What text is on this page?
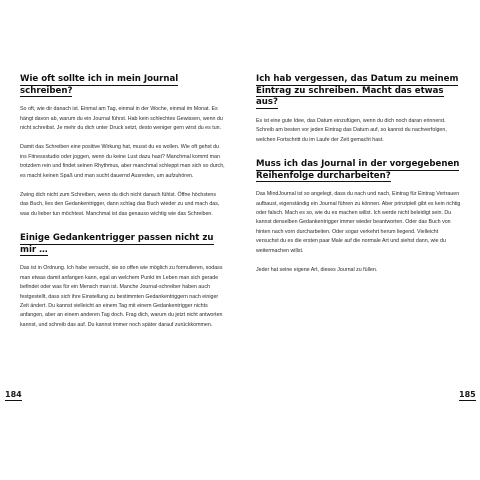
Wie oft sollte ich in mein Journal schreiben?

So oft, wie dir danach ist. Einmal am Tag, einmal in der Woche, einmal im Monat. Es hängt davon ab, warum du ein Journal führst. Hab kein schlechtes Gewissen, wenn du nicht schreibst. Je mehr du dich unter Druck setzt, desto weniger gern wirst du es tun.

Damit das Schreiben eine positive Wirkung hat, musst du es wollen. Wie oft gehst du ins Fitnessstudio oder joggen, wenn du keine Lust dazu hast? Manchmal kommt man trotzdem rein und findet seinen Rhythmus, aber manchmal schleppt man sich so durch, es macht keinen Spaß und man sucht dauernd Ausreden, um aufzuhören.

Zwing dich nicht zum Schreiben, wenn du dich nicht danach fühlst. Öffne höchstens das Buch, lies den Gedankentrigger, dann schlag das Buch wieder zu und mach das, was du lieber tun möchtest. Manchmal ist das genauso wichtig wie das Schreiben.

Einige Gedankentrigger passen nicht zu mir …

Das ist in Ordnung. Ich habe versucht, sie so offen wie möglich zu formulieren, sodass man etwas damit anfangen kann, egal an welchem Punkt im Leben man sich gerade befindet oder was für ein Mensch man ist. Manche Journal-schreiber haben auch festgestellt, dass sich ihre Einstellung zu bestimmten Gedankentriggern nach einiger Zeit ändert. Du kannst vielleicht an einem Tag mit einem Gedankentrigger nichts anfangen, aber an einem anderen Tag doch. Frag dich, warum du jetzt nicht antworten kannst, und schreib das auf. Du kannst immer noch später darauf zurückkommen.

Ich hab vergessen, das Datum zu meinem Eintrag zu schreiben. Macht das etwas aus?

Es ist eine gute Idee, das Datum einzufügen, wenn du dich noch daran erinnerst. Schreib am besten vor jeden Eintrag das Datum auf, so kannst du nachverfolgen, welchen Fortschritt du im Laufe der Zeit gemacht hast.

Muss ich das Journal in der vorgegebenen Reihenfolge durcharbeiten?

Das MindJournal ist so angelegt, dass du nach und nach, Eintrag für Eintrag Vertrauen aufbaust, eigenständig ein Journal führen zu können. Aber prinzipiell gibt es kein richtig oder falsch. Mach es so, wie du es machen willst. Ich werde nicht beleidigt sein. Du kannst denselben Gedankentrigger immer wieder beantworten. Oder das Buch von hinten nach vorn durcharbeiten. Oder sogar verkehrt herum liegend. Vielleicht versuchst du es die ersten paar Male auf die normale Art und siehst dann, wie du weitermachen willst.

Jeder hat seine eigene Art, dieses Journal zu füllen.

184	185
